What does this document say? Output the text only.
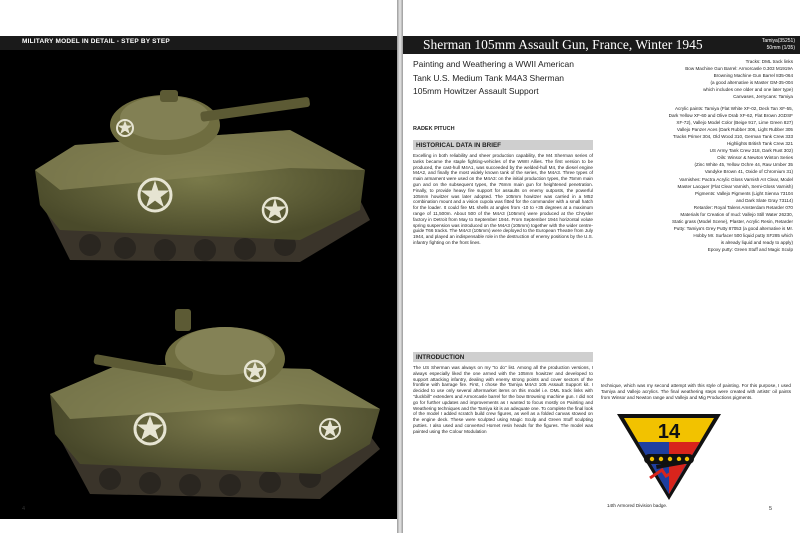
MILITARY MODEL IN DETAIL - STEP BY STEP
4
Sherman 105mm Assault Gun, France, Winter 1945	Tamiya(35251)
50mm (1/35)
Painting and Weathering a WWII American Tank U.S. Medium Tank M4A3 Sherman 105mm Howitzer Assault Support
RADEK PITUCH
HISTORICAL DATA IN BRIEF

Excelling in both reliability and sheer production capability, the M4 Sherman series of tanks became the staple fighting-vehicles of the WWII Allies. The first version to be produced, the cast-hull M4A1, was succeeded by the welded-hull M4, the diesel engine M4A2, and finally the most widely known tank of the series, the M4A3. Three types of main armament were used on the M4A3: on the initial production types, the 75mm main gun and on the subsequent types, the 76mm main gun for heightened penetration. Finally, to provide heavy fire support for assaults on enemy outposts, the powerful 105mm howitzer was later adopted. The 105mm howitzer was carried in a M52 combination mount and a vision cupola was fitted for the commander with a small hatch for the loader. It could fire M1 shells at angles from -10 to +35 degrees at a maximum range of 11,500m. About 500 of the M4A3 (105mm) were produced at the Chrysler factory in Detroit from May to September 1944. From September 1944 horizontal volute spring suspension was introduced on the M4A3 (105mm) together with the wider centre-guide T66 tracks. The M4A3 (105mm) were deployed to the European Theatre from July 1944, and played an indispensable role in the destruction of enemy positions by the U.S. infantry fighting on the front lines.

INTRODUCTION

The US Sherman was always on my "to do" list. Among all the production versions, I always especially liked the one armed with the 105mm howitzer and developed to support attacking infantry, dealing with enemy strong points and cover sectors of the frontline with barrage fire. First, I chose the Tamiya M4A3 105 Assault Support kit. I decided to use only several aftermarket items on this model i.e. DML track links with "duckbill" extenders and Armorcasle barrel for the bow Browning machine gun. I did not go for further updates and improvements as I wanted to focus mostly on Painting and Weathering techniques and the Tamiya kit is an adequate one. To complete the final look of the model I added scratch build crew figures, as well as a folded canvas stowed on the engine deck. These were sculpted using Magic Sculp and Green Stuff sculpting putties. I also used and converted Hornet resin heads for the figures. The model was painted using the Colour Modulation

Tracks: DML track links
Bow Machine Gun Barrel: Armorcasle 0.303 M1919A
Browning Machine Gun Barrel 835-064
(a good alternative is Master GM-35-004
which includes one older and one later type)
Canvases, Jerrycans: Tamiya
Acrylic paints: Tamiya (Flat White XF-02, Deck Tan XF-55,
Dark Yellow XF-60 and Olive Drab XF-62, Flat Brown JGDSF
XF-72), Vallejo Model Color (Beige 917, Lime Green 827)
Vallejo Panzer Aces (Dark Rubber 306, Light Rubber 305
Tracks Primer 304, Old Wood 310, German Tank Crew 333
Highlights British Tank Crew 321
US Army Tank Crew 318, Dark Rust 302)
Oils: Winsor & Newton Winton Series
(Zinc White 45, Yellow Ochre 44, Raw Umber 35
Vandyke Brown 41, Oxide of Chromium 31)
Varnishes: Pactra Acrylic Gloss Varnish AII Clear, Model
Master Lacquer (Flat Clear Varnish, Semi-Gloss Varnish)
Pigments: Vallejo Pigments (Light Sienna 73104
and Dark Slate Gray 73114)
Retarder: Royal Talens Amsterdam Retarder 070
Materials for Creation of mud: Vallejo Still Water 26230,
Static grass (Model Scene), Plaster, Acrylic Resin, Retarder
Putty: Tamiya's Grey Putty 87053 (a good alternative is Mr.
Hobby Mr. Surfacer 500 liquid putty SF285 which
is already liquid and ready to apply)
Epoxy putty: Green Stuff and Magic Sculp

technique, which was my second attempt with this style of painting. For this purpose, I used Tamiya and Vallejo acrylics. The final weathering steps were created with artists' oil paints from Winsor and Newton range and Vallejo and Mig Productions pigments.

14
14th Armored Division badge.
5
